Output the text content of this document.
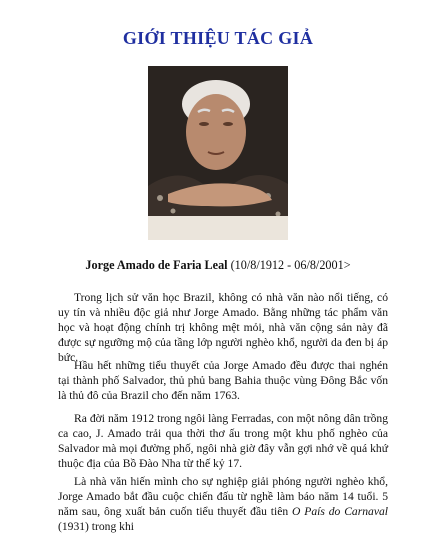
GIỚI THIỆU TÁC GIẢ
Jorge Amado de Faria Leal (10/8/1912 - 06/8/2001>

Trong lịch sử văn học Brazil, không có nhà văn nào nổi tiếng, có uy tín và nhiều độc giả như Jorge Amado. Bằng những tác phẩm văn học và hoạt động chính trị không mệt mỏi, nhà văn cộng sản này đã được sự ngưỡng mộ của tầng lớp người nghèo khổ, người da đen bị áp bức.

Hầu hết những tiểu thuyết của Jorge Amado đều được thai nghén tại thành phố Salvador, thủ phủ bang Bahia thuộc vùng Đông Bắc vốn là thủ đô của Brazil cho đến năm 1763.

Ra đời năm 1912 trong ngôi làng Ferradas, con một nông dân trồng ca cao, J. Amado trải qua thời thơ ấu trong một khu phố nghèo của Salvador mà mọi đường phố, ngôi nhà giờ đây vẫn gợi nhớ về quá khứ thuộc địa của Bồ Đào Nha từ thế kỷ 17.

Là nhà văn hiến mình cho sự nghiệp giải phóng người nghèo khổ, Jorge Amado bắt đầu cuộc chiến đấu từ nghề làm báo năm 14 tuổi. 5 năm sau, ông xuất bản cuốn tiểu thuyết đầu tiên O País do Carnaval (1931) trong khi
